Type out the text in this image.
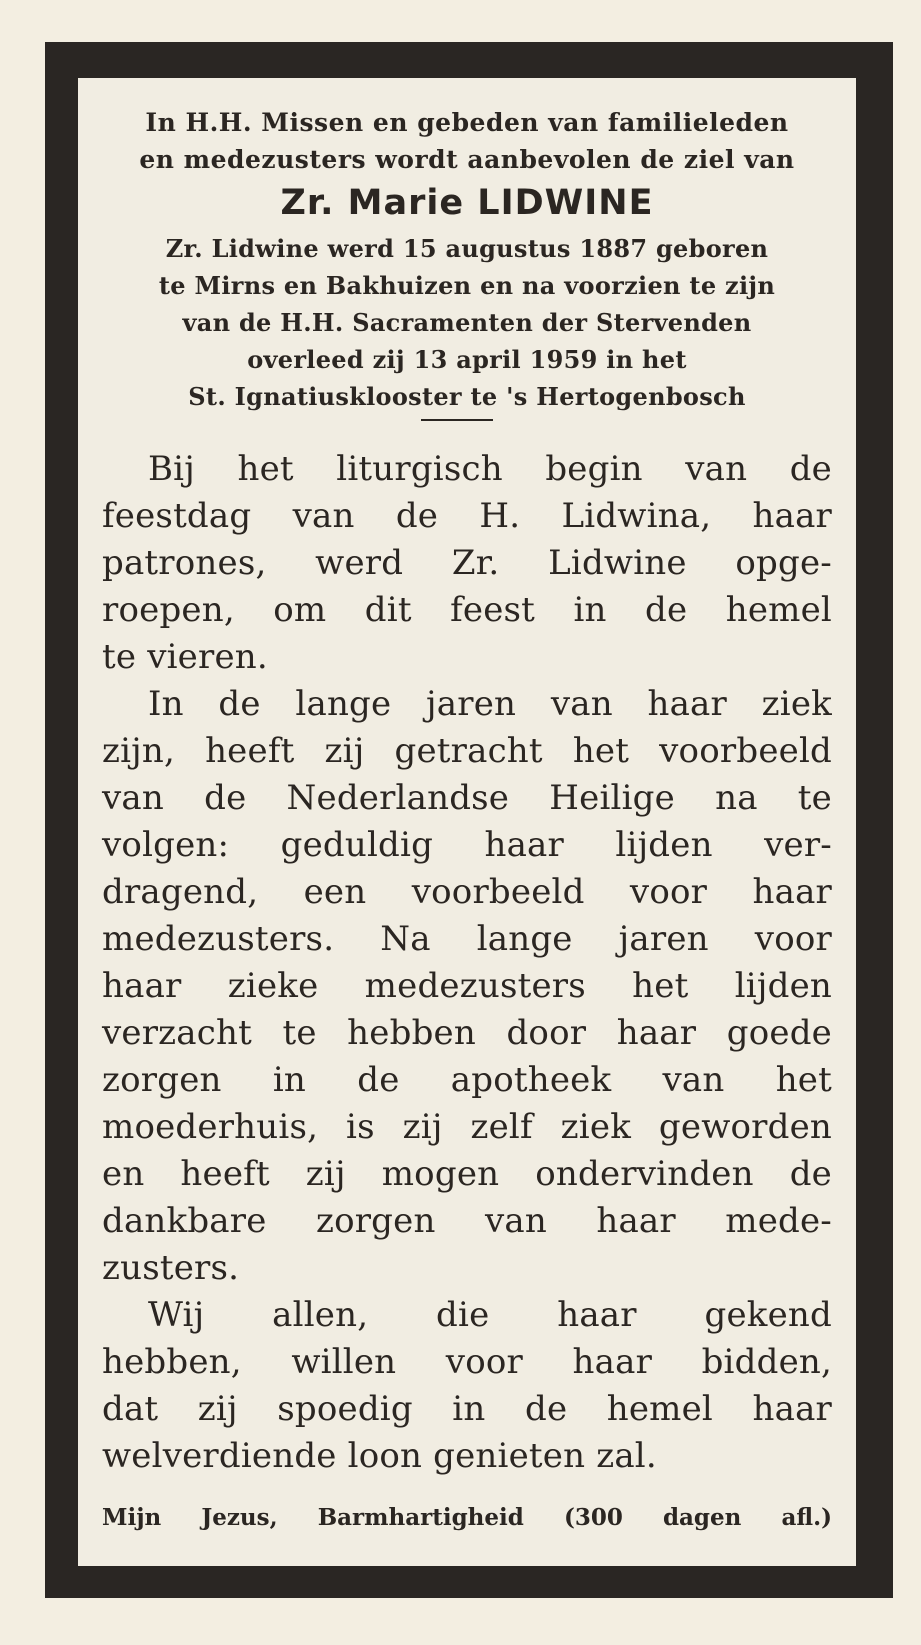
In H.H. Missen en gebeden van familieleden
en medezusters wordt aanbevolen de ziel van
Zr. Marie LIDWINE
Zr. Lidwine werd 15 augustus 1887 geboren
te Mirns en Bakhuizen en na voorzien te zijn
van de H.H. Sacramenten der Stervenden
overleed zij 13 april 1959 in het
St. Ignatiusklooster te 's Hertogenbosch
Bij het liturgisch begin van de
feestdag van de H. Lidwina, haar
patrones, werd Zr. Lidwine opge-
roepen, om dit feest in de hemel
te vieren.
In de lange jaren van haar ziek
zijn, heeft zij getracht het voorbeeld
van de Nederlandse Heilige na te
volgen: geduldig haar lijden ver-
dragend, een voorbeeld voor haar
medezusters. Na lange jaren voor
haar zieke medezusters het lijden
verzacht te hebben door haar goede
zorgen in de apotheek van het
moederhuis, is zij zelf ziek geworden
en heeft zij mogen ondervinden de
dankbare zorgen van haar mede-
zusters.
Wij allen, die haar gekend
hebben, willen voor haar bidden,
dat zij spoedig in de hemel haar
welverdiende loon genieten zal.
Mijn Jezus, Barmhartigheid (300 dagen afl.)
